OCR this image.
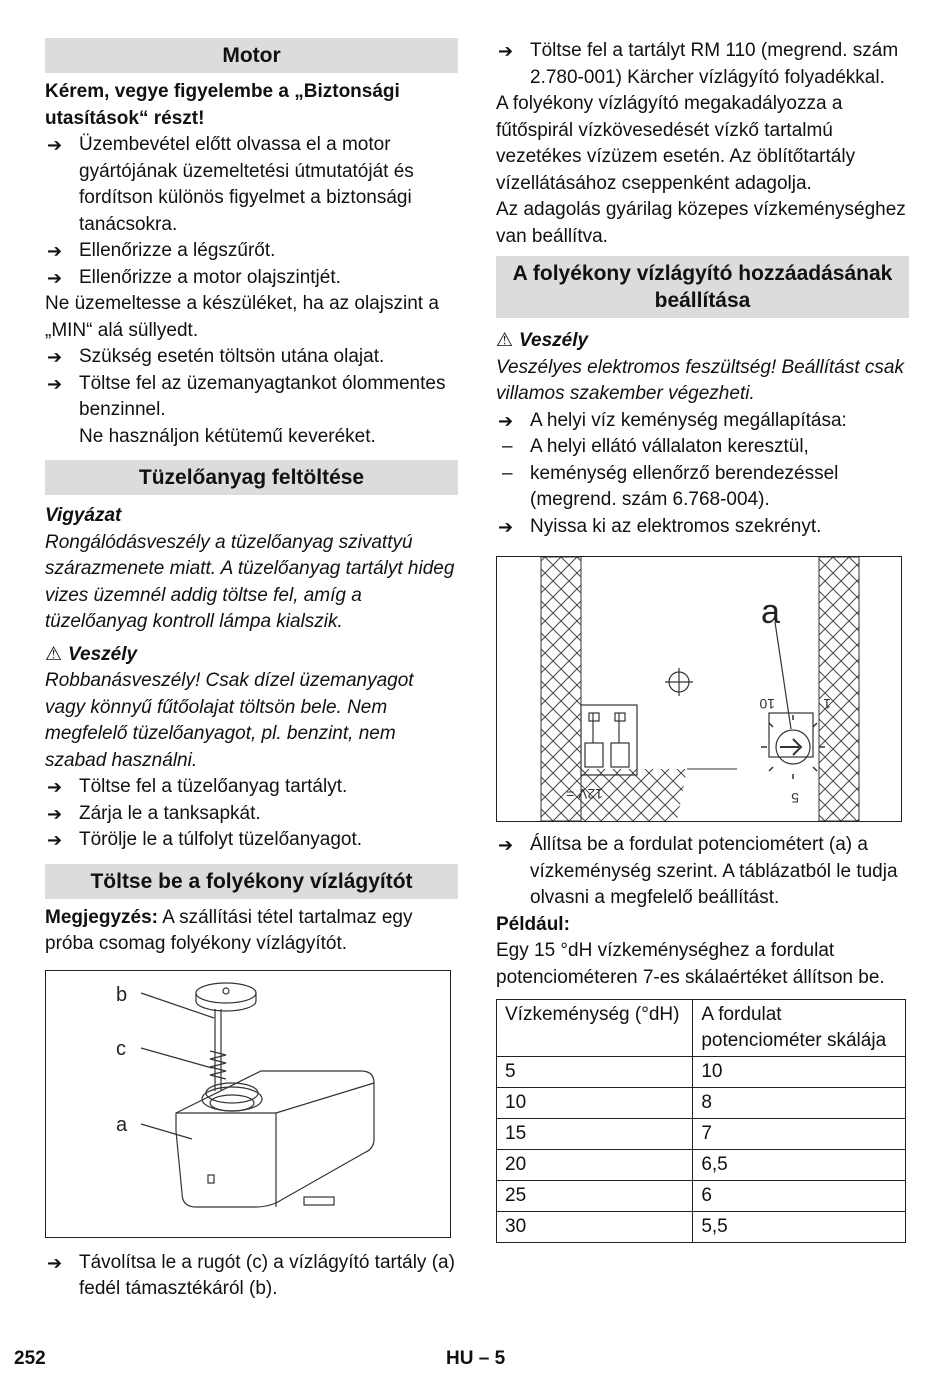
Motor

Kérem, vegye figyelembe a „Biztonsági utasítások“ részt!

➔ Üzembevétel előtt olvassa el a motor gyártójának üzemeltetési útmutatóját és fordítson különös figyelmet a biztonsági tanácsokra.
➔ Ellenőrizze a légszűrőt.
➔ Ellenőrizze a motor olajszintjét.

Ne üzemeltesse a készüléket, ha az olajszint a „MIN“ alá süllyedt.

➔ Szükség esetén töltsön utána olajat.
➔ Töltse fel az üzemanyagtankot ólommentes benzinnel.
Ne használjon kétütemű keveréket.
Tüzelőanyag feltöltése

Vigyázat

Rongálódásveszély a tüzelőanyag szivattyú szárazmenete miatt. A tüzelőanyag tartályt hideg vizes üzemnél addig töltse fel, amíg a tüzelőanyag kontroll lámpa kialszik.

⚠ Veszély

Robbanásveszély! Csak dízel üzemanyagot vagy könnyű fűtőolajat töltsön bele. Nem megfelelő tüzelőanyagot, pl. benzint, nem szabad használni.

➔ Töltse fel a tüzelőanyag tartályt.
➔ Zárja le a tanksapkát.
➔ Törölje le a túlfolyt tüzelőanyagot.
Töltse be a folyékony vízlágyítót

Megjegyzés: A szállítási tétel tartalmaz egy próba csomag folyékony vízlágyítót.

b
c
a
➔ Távolítsa le a rugót (c) a vízlágyító tartály (a) fedél támasztékáról (b).
➔ Töltse fel a tartályt RM 110 (megrend. szám 2.780-001) Kärcher vízlágyító folyadékkal.

A folyékony vízlágyító megakadályozza a fűtőspirál vízkövesedését vízkő tartalmú vezetékes vízüzem esetén. Az öblítőtartály vízellátásához cseppenként adagolja.

Az adagolás gyárilag közepes vízkeménységhez van beállítva.

A folyékony vízlágyító hozzáadásának beállítása
⚠ Veszély

Veszélyes elektromos feszültség! Beállítást csak villamos szakember végezheti.

➔ A helyi víz keménység megállapítása:
– A helyi ellátó vállalaton keresztül,
– keménység ellenőrző berendezéssel (megrend. szám 6.768-004).
➔ Nyissa ki az elektromos szekrényt.
a
10	1
5
12V =
➔ Állítsa be a fordulat potenciométert (a) a vízkeménység szerint. A táblázatból le tudja olvasni a megfelelő beállítást.

Például:

Egy 15 °dH vízkeménységhez a fordulat potenciométeren 7-es skálaértéket állítson be.

Vízkeménység (°dH)	A fordulat potenciométer skálája
5	10
10	8
15	7
20	6,5
25	6
30	5,5
252	HU – 5
